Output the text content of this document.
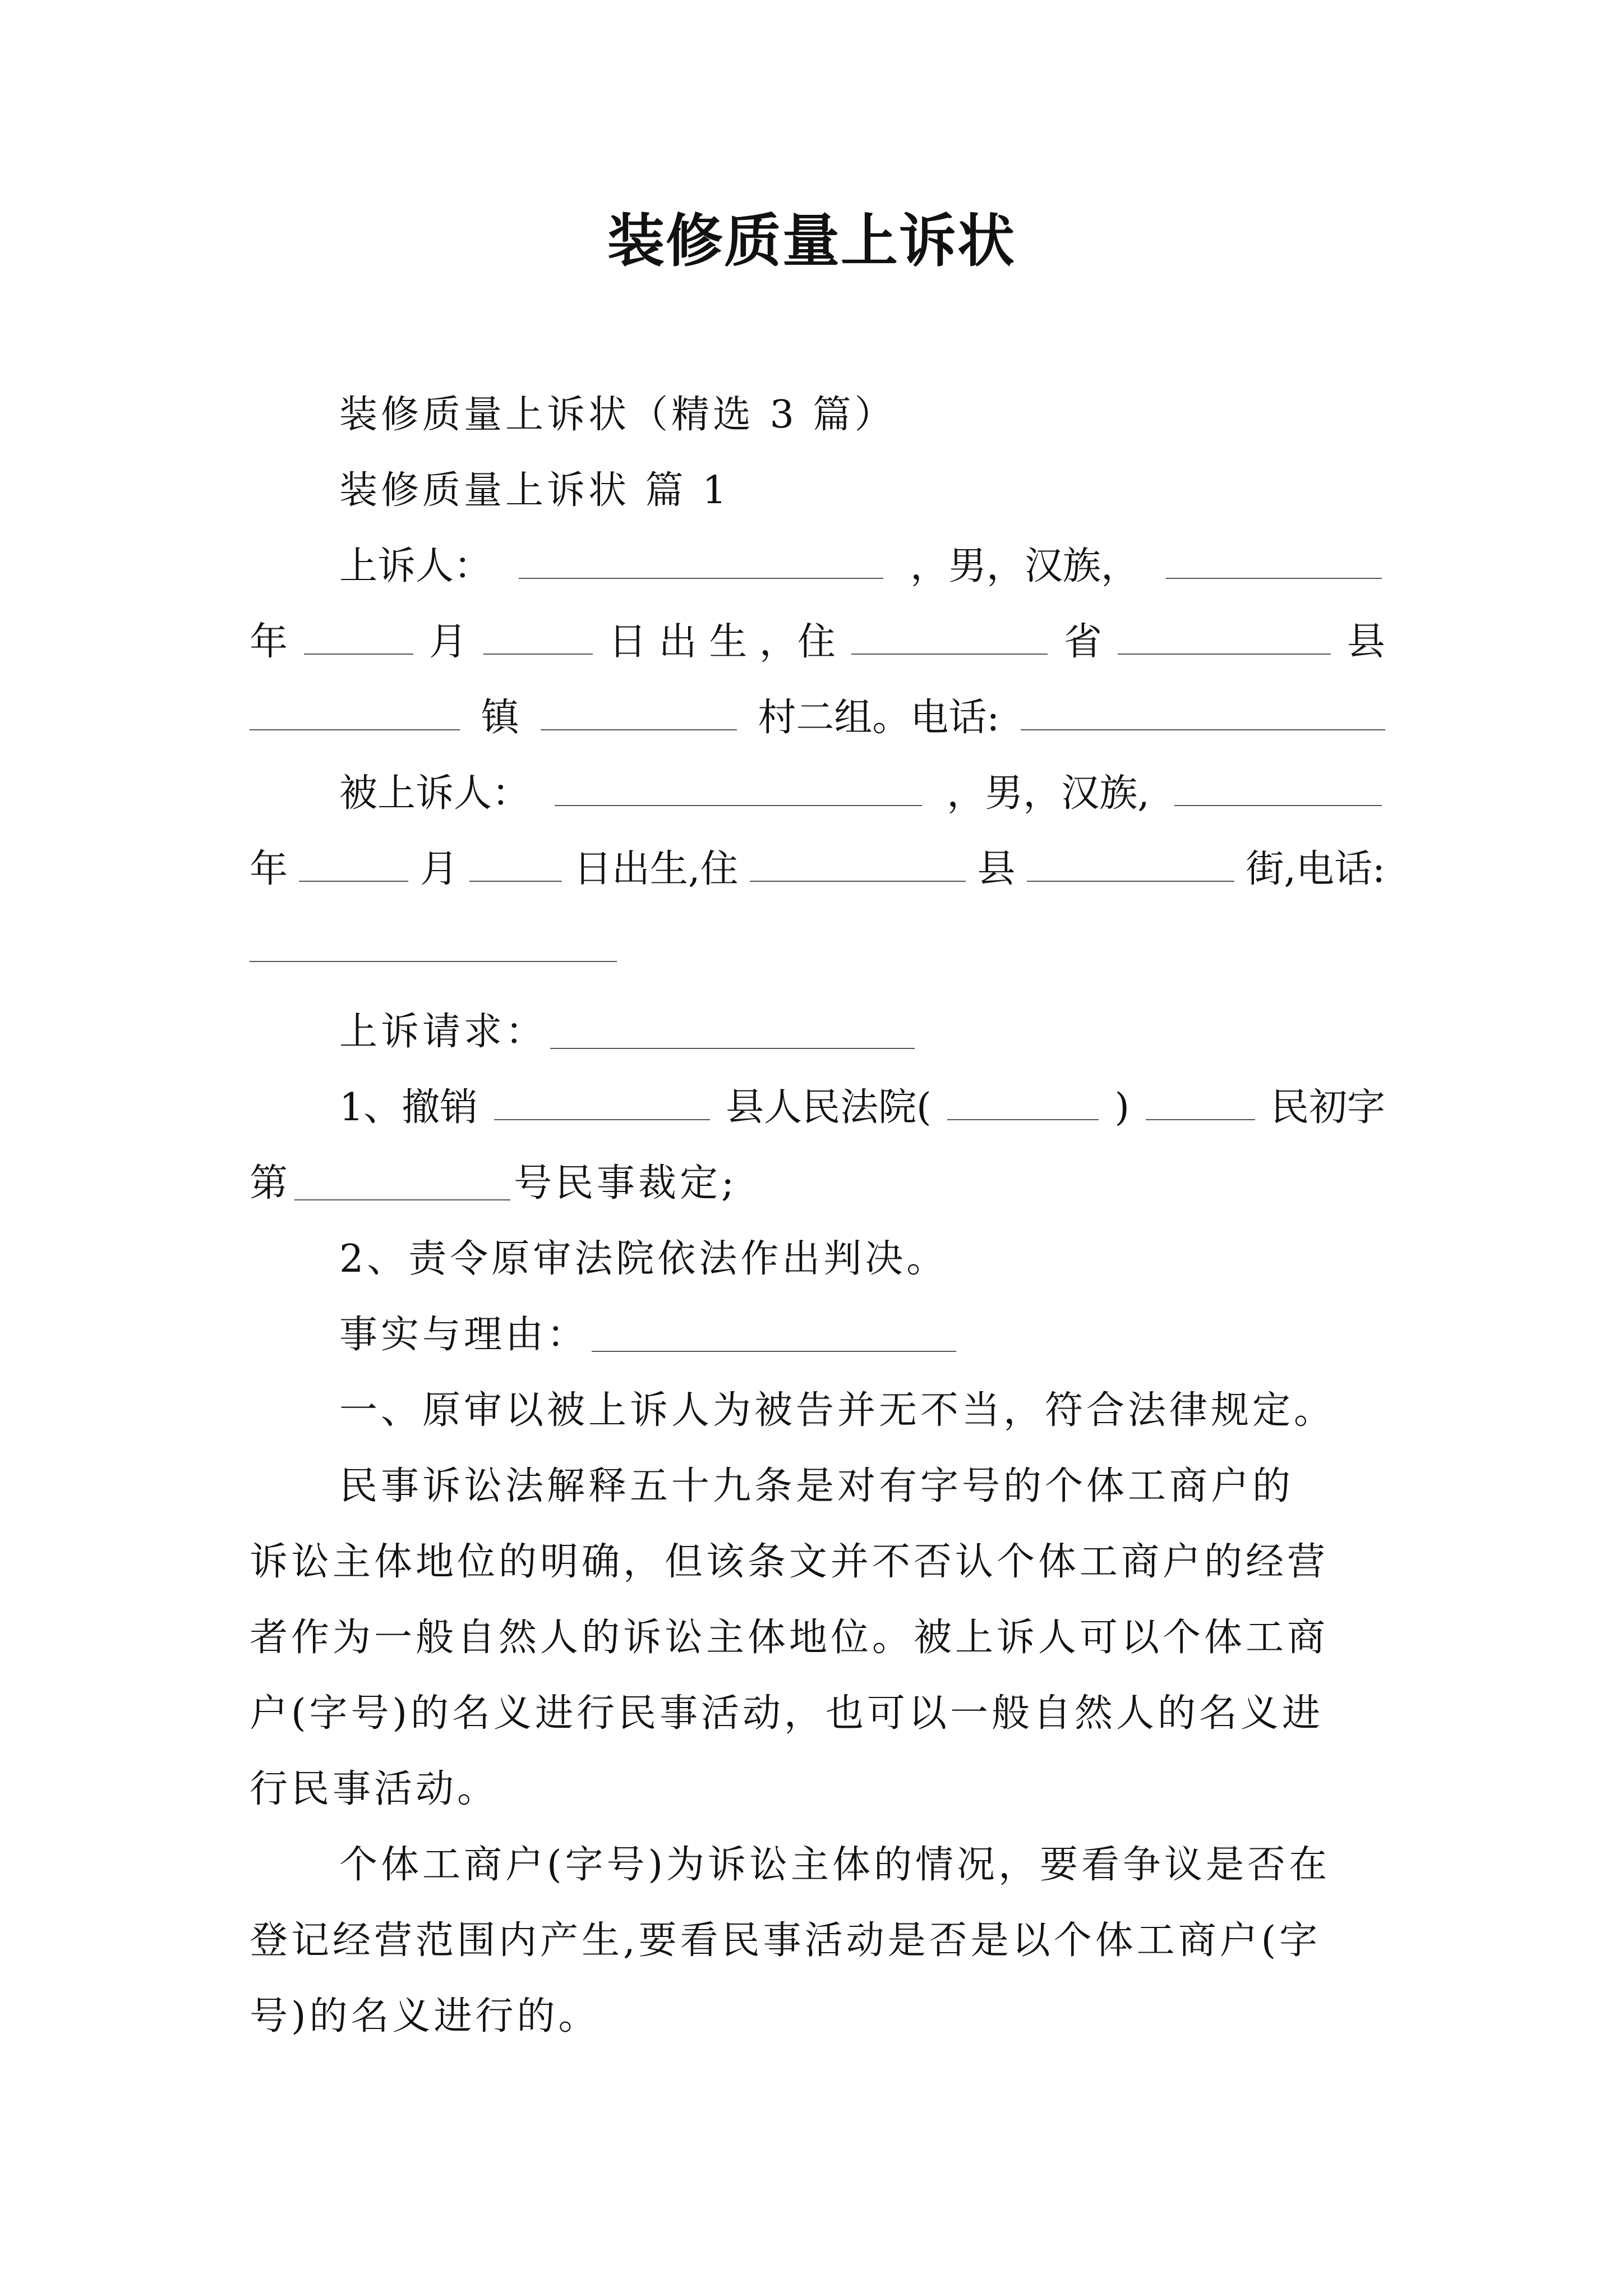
装修质量上诉状
装修质量上诉状（精选 3 篇）
装修质量上诉状 篇 1
上诉人：	，男，汉族，
年	月	日 出 生 ，住	省	县
镇	村二组。电话:
被上诉人：	，男，汉族,
年	月	日出生,住	县	街,电话:
上诉请求：
1、撤销	县人民法院(	)	民初字
第	号民事裁定;
2、责令原审法院依法作出判决。
事实与理由：
一、原审以被上诉人为被告并无不当，符合法律规定。
民事诉讼法解释五十九条是对有字号的个体工商户的
诉讼主体地位的明确，但该条文并不否认个体工商户的经营
者作为一般自然人的诉讼主体地位。被上诉人可以个体工商
户(字号)的名义进行民事活动，也可以一般自然人的名义进
行民事活动。
个体工商户(字号)为诉讼主体的情况，要看争议是否在
登记经营范围内产生,要看民事活动是否是以个体工商户(字
号)的名义进行的。
